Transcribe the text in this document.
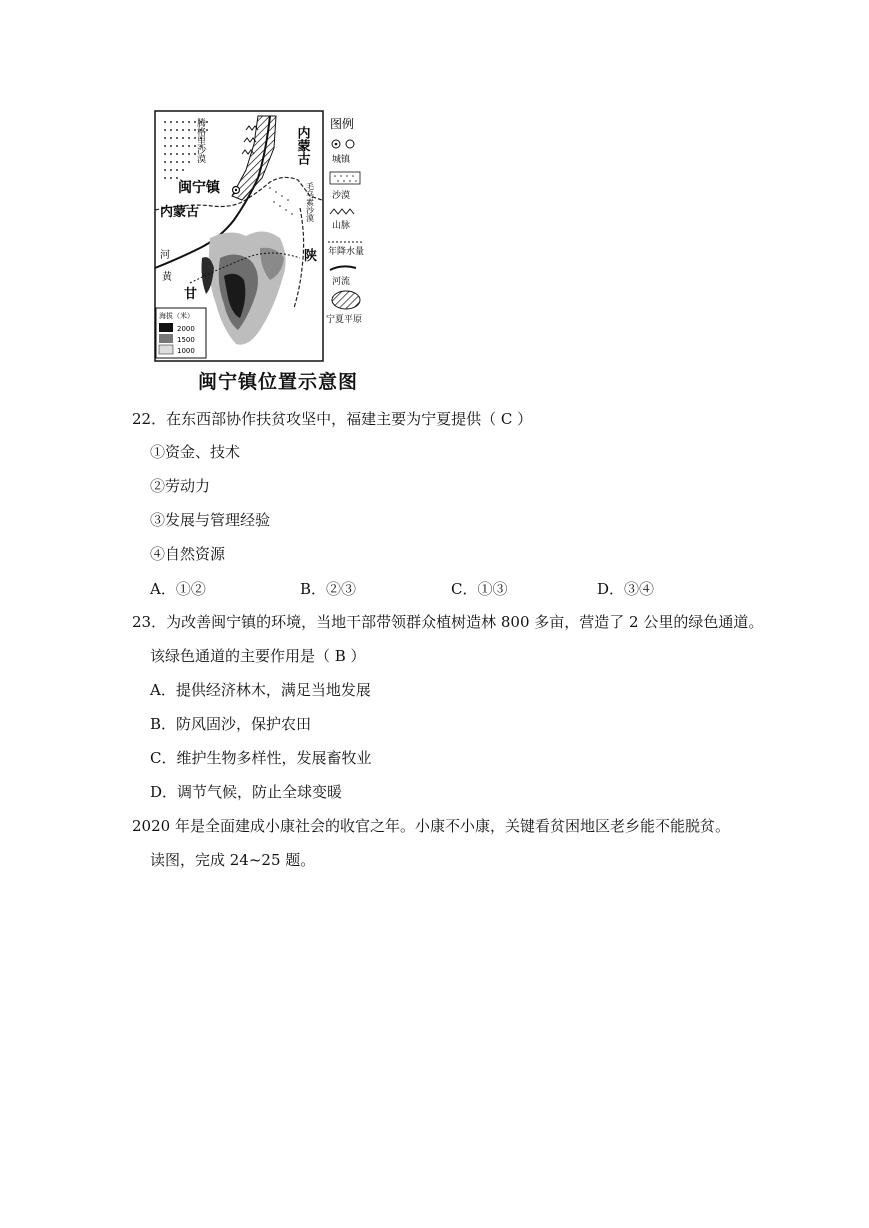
内蒙古
闽宁镇
内蒙古
腾格里沙漠
毛乌素沙漠
陕
甘
河
黄
海拔（米）
2000
1500
1000
图例
城镇
沙漠
山脉
年降水量
河流
宁夏平原
闽宁镇位置示意图
22．在东西部协作扶贫攻坚中，福建主要为宁夏提供（ C ）
①资金、技术
②劳动力
③发展与管理经验
④自然资源
A．①②	B．②③	C．①③	D．③④
23．为改善闽宁镇的环境，当地干部带领群众植树造林 800 多亩，营造了 2 公里的绿色通道。
该绿色通道的主要作用是（ B ）
A．提供经济林木，满足当地发展
B．防风固沙，保护农田
C．维护生物多样性，发展畜牧业
D．调节气候，防止全球变暖
2020 年是全面建成小康社会的收官之年。小康不小康，关键看贫困地区老乡能不能脱贫。
读图，完成 24~25 题。
